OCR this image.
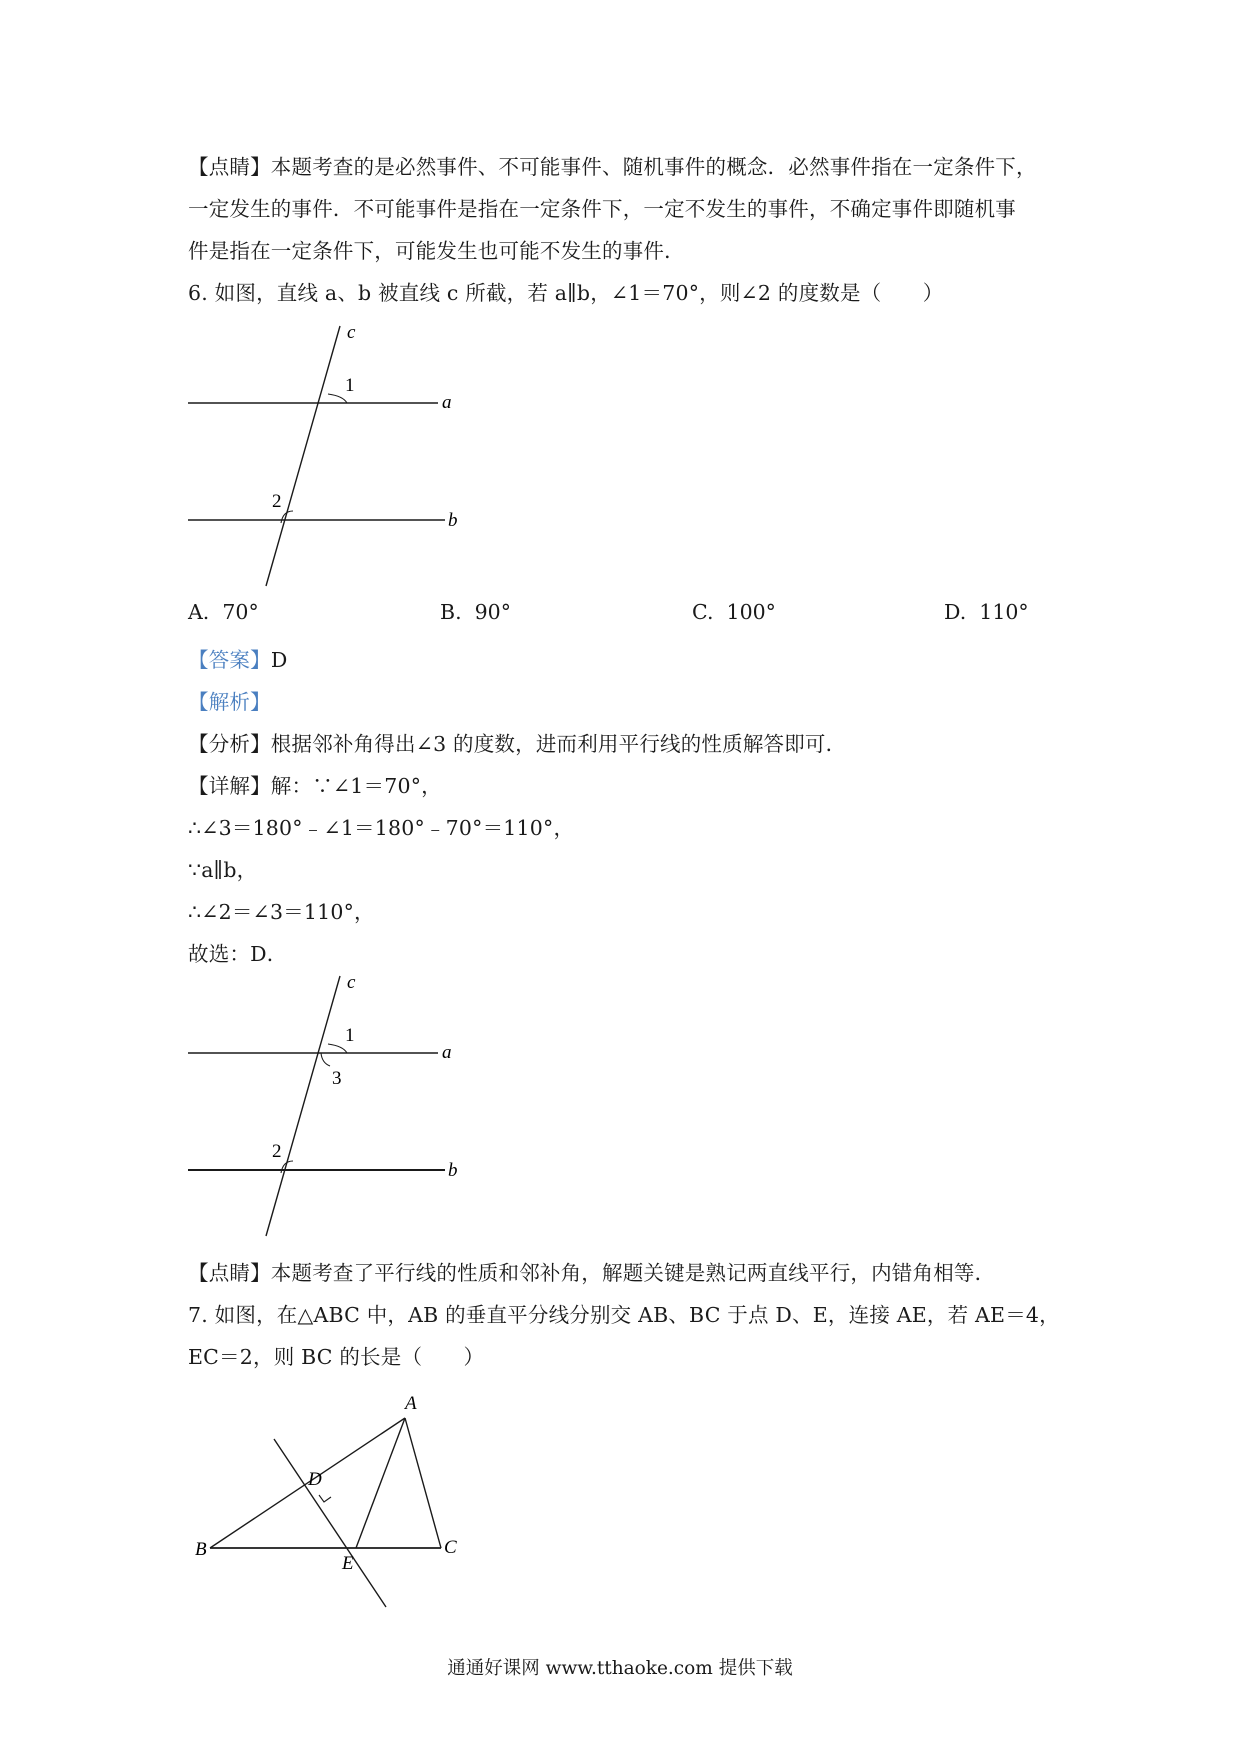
【点睛】本题考查的是必然事件、不可能事件、随机事件的概念．必然事件指在一定条件下，
一定发生的事件．不可能事件是指在一定条件下，一定不发生的事件，不确定事件即随机事
件是指在一定条件下，可能发生也可能不发生的事件．
6. 如图，直线 a、b 被直线 c 所截，若 a∥b，∠1＝70°，则∠2 的度数是（　　）
c
1
a
2
b
A. 70°	B. 90°	C. 100°	D. 110°
【答案】D
【解析】
【分析】根据邻补角得出∠3 的度数，进而利用平行线的性质解答即可．
【详解】解：∵∠1＝70°，
∴∠3＝180°﹣∠1＝180°﹣70°＝110°，
∵a∥b，
∴∠2＝∠3＝110°，
故选：D．
c
1
a
3
2
b
【点睛】本题考查了平行线的性质和邻补角，解题关键是熟记两直线平行，内错角相等．
7. 如图，在△ABC 中，AB 的垂直平分线分别交 AB、BC 于点 D、E，连接 AE，若 AE＝4，
EC＝2，则 BC 的长是（　　）
A
B	C
D
E
通通好课网 www.tthaoke.com 提供下载
